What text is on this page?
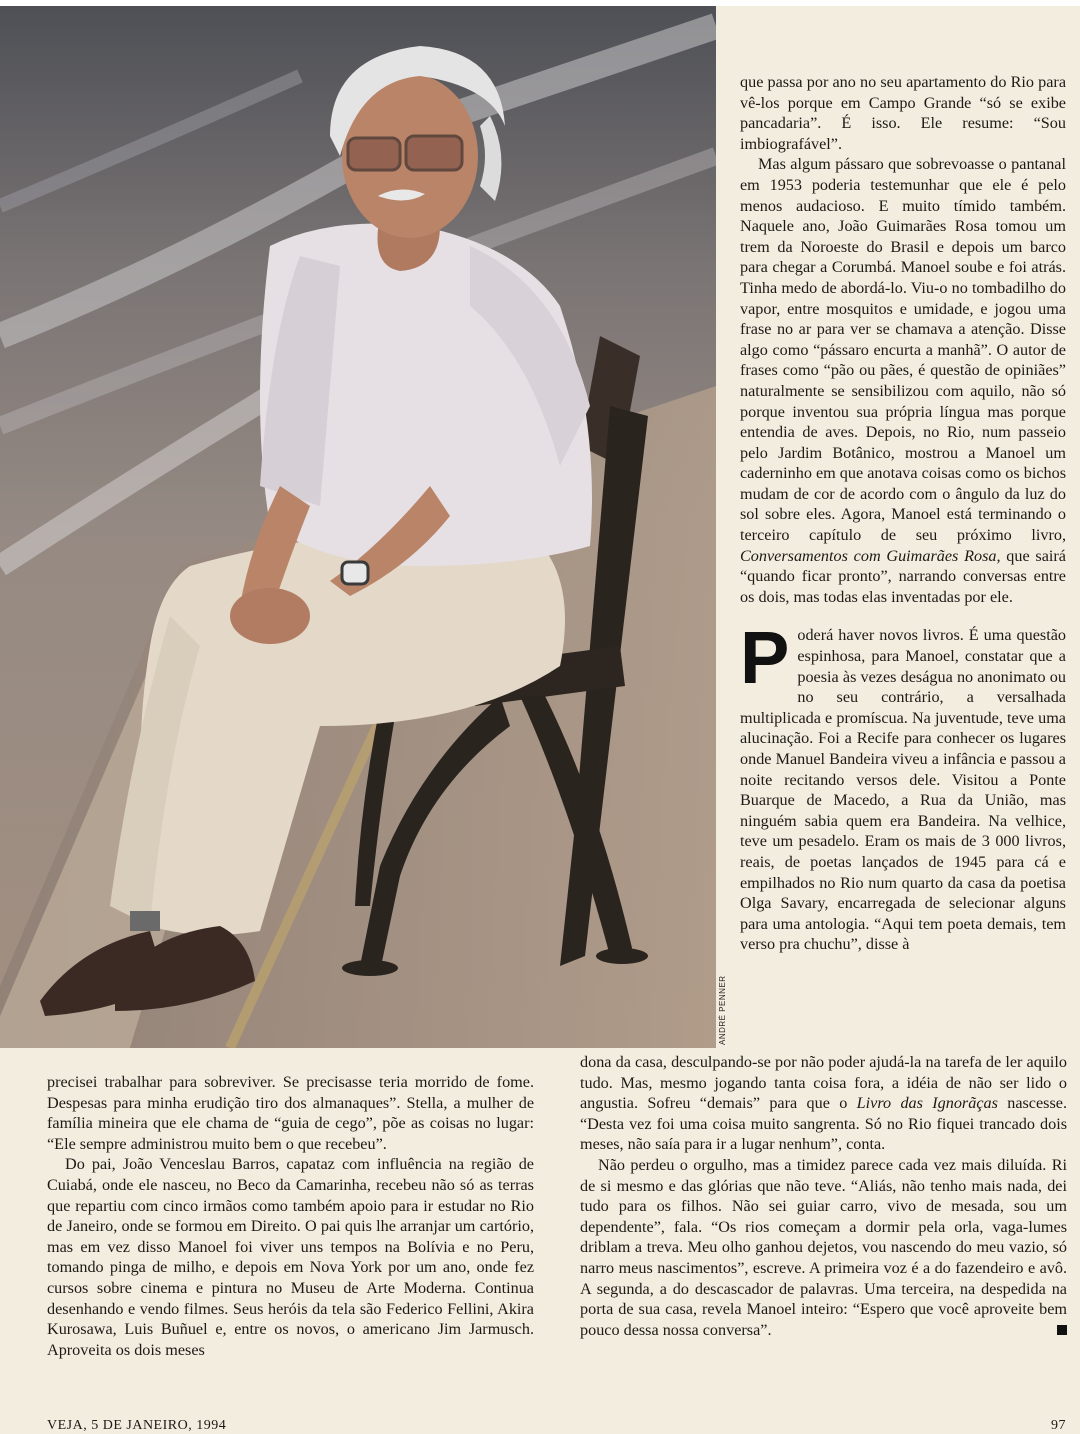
ANDRÉ PENNER

que passa por ano no seu apartamento do Rio para vê-los porque em Campo Grande “só se exibe pancadaria”. É isso. Ele resume: “Sou imbiografável”.

Mas algum pássaro que sobrevoasse o pantanal em 1953 poderia testemunhar que ele é pelo menos audacioso. E muito tímido também. Naquele ano, João Guimarães Rosa tomou um trem da Noroeste do Brasil e depois um barco para chegar a Corumbá. Manoel soube e foi atrás. Tinha medo de abordá-lo. Viu-o no tombadilho do vapor, entre mosquitos e umidade, e jogou uma frase no ar para ver se chamava a atenção. Disse algo como “pássaro encurta a manhã”. O autor de frases como “pão ou pães, é questão de opiniães” naturalmente se sensibilizou com aquilo, não só porque inventou sua própria língua mas porque entendia de aves. Depois, no Rio, num passeio pelo Jardim Botânico, mostrou a Manoel um caderninho em que anotava coisas como os bichos mudam de cor de acordo com o ângulo da luz do sol sobre eles. Agora, Manoel está terminando o terceiro capítulo de seu próximo livro, Conversamentos com Guimarães Rosa, que sairá “quando ficar pronto”, narrando conversas entre os dois, mas todas elas inventadas por ele.

Poderá haver novos livros. É uma questão espinhosa, para Manoel, constatar que a poesia às vezes deságua no anonimato ou no seu contrário, a versalhada multiplicada e promíscua. Na juventude, teve uma alucinação. Foi a Recife para conhecer os lugares onde Manuel Bandeira viveu a infância e passou a noite recitando versos dele. Visitou a Ponte Buarque de Macedo, a Rua da União, mas ninguém sabia quem era Bandeira. Na velhice, teve um pesadelo. Eram os mais de 3 000 livros, reais, de poetas lançados de 1945 para cá e empilhados no Rio num quarto da casa da poetisa Olga Savary, encarregada de selecionar alguns para uma antologia. “Aqui tem poeta demais, tem verso pra chuchu”, disse à

precisei trabalhar para sobreviver. Se precisasse teria morrido de fome. Despesas para minha erudição tiro dos almanaques”. Stella, a mulher de família mineira que ele chama de “guia de cego”, põe as coisas no lugar: “Ele sempre administrou muito bem o que recebeu”.

Do pai, João Venceslau Barros, capataz com influência na região de Cuiabá, onde ele nasceu, no Beco da Camarinha, recebeu não só as terras que repartiu com cinco irmãos como também apoio para ir estudar no Rio de Janeiro, onde se formou em Direito. O pai quis lhe arranjar um cartório, mas em vez disso Manoel foi viver uns tempos na Bolívia e no Peru, tomando pinga de milho, e depois em Nova York por um ano, onde fez cursos sobre cinema e pintura no Museu de Arte Moderna. Continua desenhando e vendo filmes. Seus heróis da tela são Federico Fellini, Akira Kurosawa, Luis Buñuel e, entre os novos, o americano Jim Jarmusch. Aproveita os dois meses

dona da casa, desculpando-se por não poder ajudá-la na tarefa de ler aquilo tudo. Mas, mesmo jogando tanta coisa fora, a idéia de não ser lido o angustia. Sofreu “demais” para que o Livro das Ignorãças nascesse. “Desta vez foi uma coisa muito sangrenta. Só no Rio fiquei trancado dois meses, não saía para ir a lugar nenhum”, conta.

Não perdeu o orgulho, mas a timidez parece cada vez mais diluída. Ri de si mesmo e das glórias que não teve. “Aliás, não tenho mais nada, dei tudo para os filhos. Não sei guiar carro, vivo de mesada, sou um dependente”, fala. “Os rios começam a dormir pela orla, vaga-lumes driblam a treva. Meu olho ganhou dejetos, vou nascendo do meu vazio, só narro meus nascimentos”, escreve. A primeira voz é a do fazendeiro e avô. A segunda, a do descascador de palavras. Uma terceira, na despedida na porta de sua casa, revela Manoel inteiro: “Espero que você aproveite bem pouco dessa nossa conversa”.

VEJA, 5 DE JANEIRO, 1994	97
